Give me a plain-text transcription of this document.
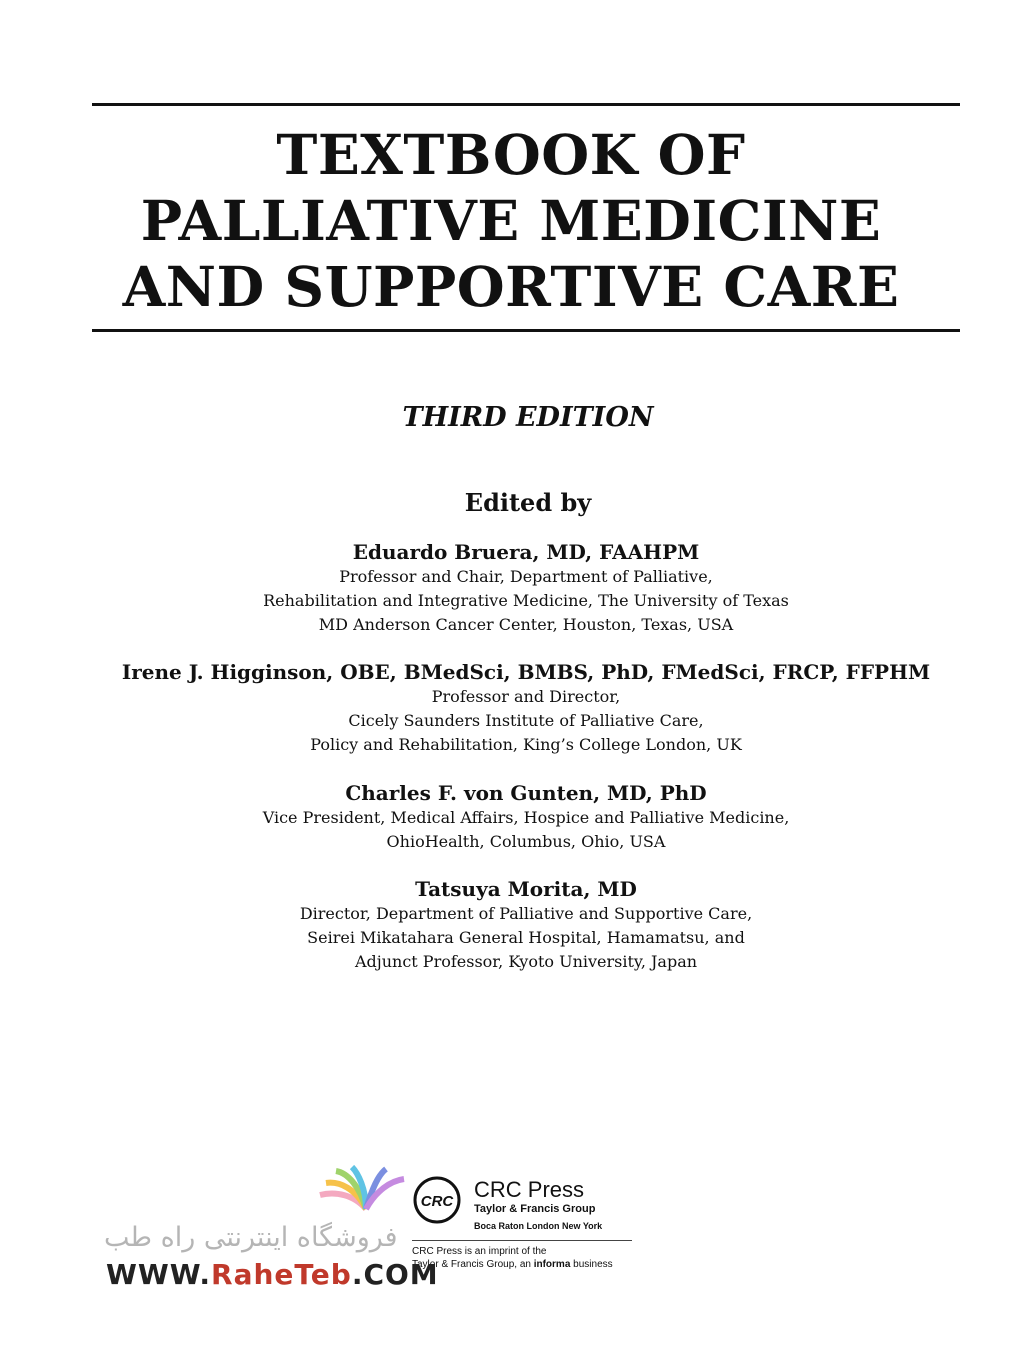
TEXTBOOK OF
PALLIATIVE MEDICINE
AND SUPPORTIVE CARE
THIRD EDITION
Edited by
Eduardo Bruera, MD, FAAHPM
Professor and Chair, Department of Palliative,
Rehabilitation and Integrative Medicine, The University of Texas
MD Anderson Cancer Center, Houston, Texas, USA
Irene J. Higginson, OBE, BMedSci, BMBS, PhD, FMedSci, FRCP, FFPHM
Professor and Director,
Cicely Saunders Institute of Palliative Care,
Policy and Rehabilitation, King’s College London, UK
Charles F. von Gunten, MD, PhD
Vice President, Medical Affairs, Hospice and Palliative Medicine,
OhioHealth, Columbus, Ohio, USA
Tatsuya Morita, MD
Director, Department of Palliative and Supportive Care,
Seirei Mikatahara General Hospital, Hamamatsu, and
Adjunct Professor, Kyoto University, Japan
CRC CRC Press
Taylor & Francis Group
Boca Raton London New York
CRC Press is an imprint of the
Taylor & Francis Group, an informa business
فروشگاه اینترنتی راه طب
WWW.RaheTeb.COM
